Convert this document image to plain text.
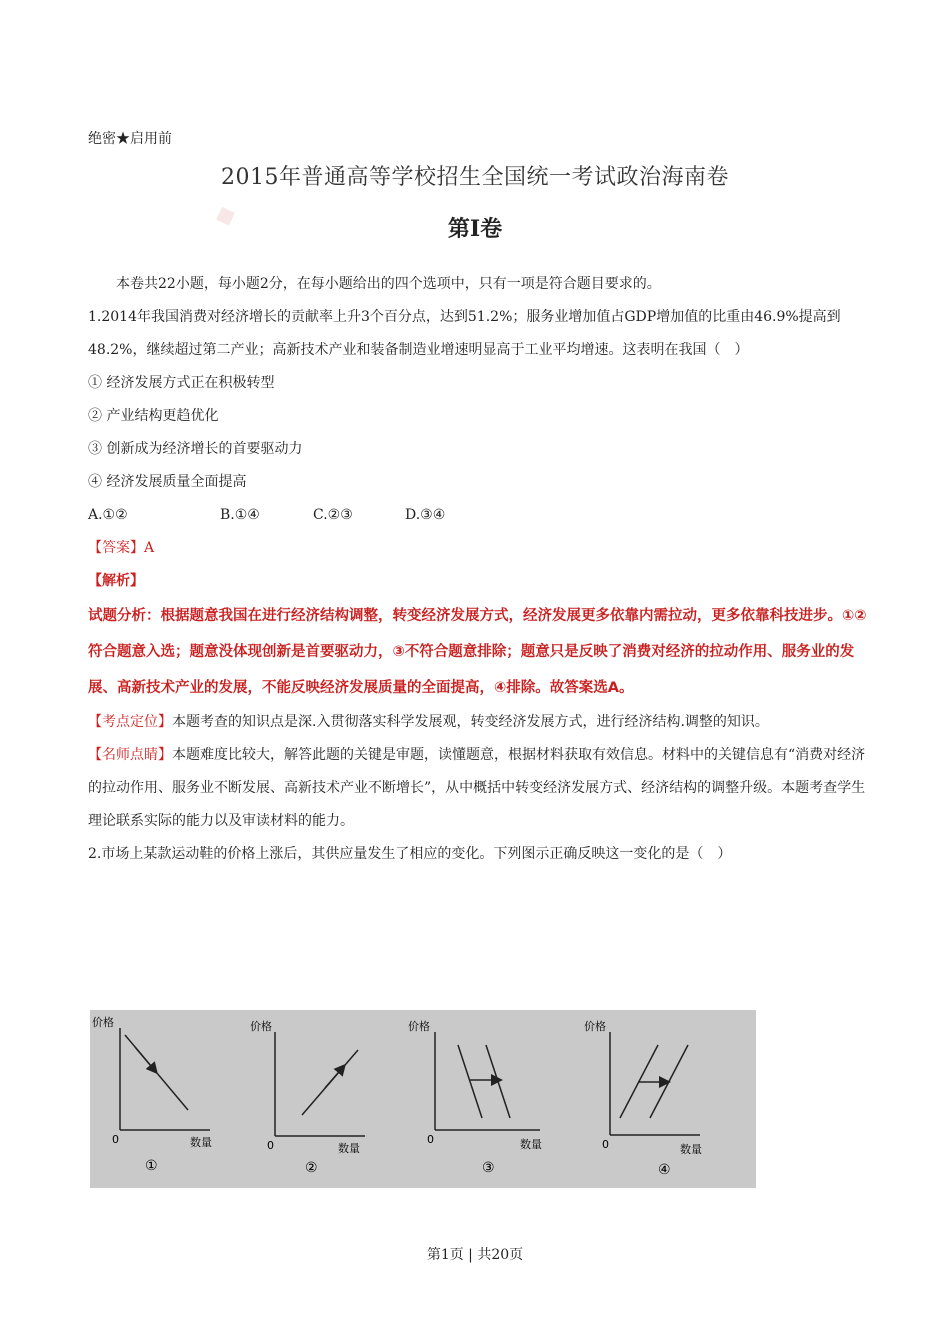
◆
绝密★启用前
2015年普通高等学校招生全国统一考试政治海南卷
第Ⅰ卷

本卷共22小题，每小题2分，在每小题给出的四个选项中，只有一项是符合题目要求的。

1.2014年我国消费对经济增长的贡献率上升3个百分点，达到51.2%；服务业增加值占GDP增加值的比重由46.9%提高到48.2%，继续超过第二产业；高新技术产业和装备制造业增速明显高于工业平均增速。这表明在我国（　）

① 经济发展方式正在积极转型

② 产业结构更趋优化

③ 创新成为经济增长的首要驱动力

④ 经济发展质量全面提高

A.①②	B.①④	C.②③	D.③④

【答案】A

【解析】

试题分析：根据题意我国在进行经济结构调整，转变经济发展方式，经济发展更多依靠内需拉动，更多依靠科技进步。①②符合题意入选；题意没体现创新是首要驱动力，③不符合题意排除；题意只是反映了消费对经济的拉动作用、服务业的发展、高新技术产业的发展，不能反映经济发展质量的全面提高，④排除。故答案选A。

【考点定位】本题考查的知识点是深.入贯彻落实科学发展观，转变经济发展方式，进行经济结构.调整的知识。

【名师点睛】本题难度比较大，解答此题的关键是审题，读懂题意，根据材料获取有效信息。材料中的关键信息有“消费对经济的拉动作用、服务业不断发展、高新技术产业不断增长”，从中概括中转变经济发展方式、经济结构的调整升级。本题考查学生理论联系实际的能力以及审读材料的能力。

2.市场上某款运动鞋的价格上涨后，其供应量发生了相应的变化。下列图示正确反映这一变化的是（　）

价格
0	数量
①
价格
0	数量
②
价格
0	数量
③
价格
0	数量
④
第1页 | 共20页
